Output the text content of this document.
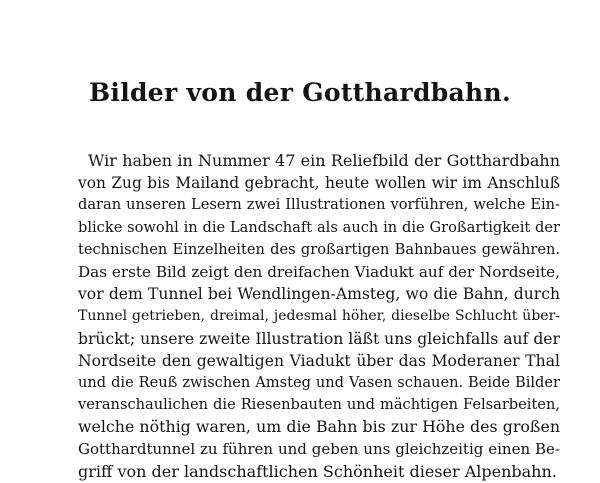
Bilder von der Gotthardbahn.
Wir haben in Nummer 47 ein Reliefbild der Gotthardbahn
von Zug bis Mailand gebracht, heute wollen wir im Anschluß
daran unseren Lesern zwei Illustrationen vorführen, welche Ein-
blicke sowohl in die Landschaft als auch in die Großartigkeit der
technischen Einzelheiten des großartigen Bahnbaues gewähren.
Das erste Bild zeigt den dreifachen Viadukt auf der Nordseite,
vor dem Tunnel bei Wendlingen-Amsteg, wo die Bahn, durch
Tunnel getrieben, dreimal, jedesmal höher, dieselbe Schlucht über-
brückt; unsere zweite Illustration läßt uns gleichfalls auf der
Nordseite den gewaltigen Viadukt über das Moderaner Thal
und die Reuß zwischen Amsteg und Vasen schauen. Beide Bilder
veranschaulichen die Riesenbauten und mächtigen Felsarbeiten,
welche nöthig waren, um die Bahn bis zur Höhe des großen
Gotthardtunnel zu führen und geben uns gleichzeitig einen Be-
griff von der landschaftlichen Schönheit dieser Alpenbahn.
